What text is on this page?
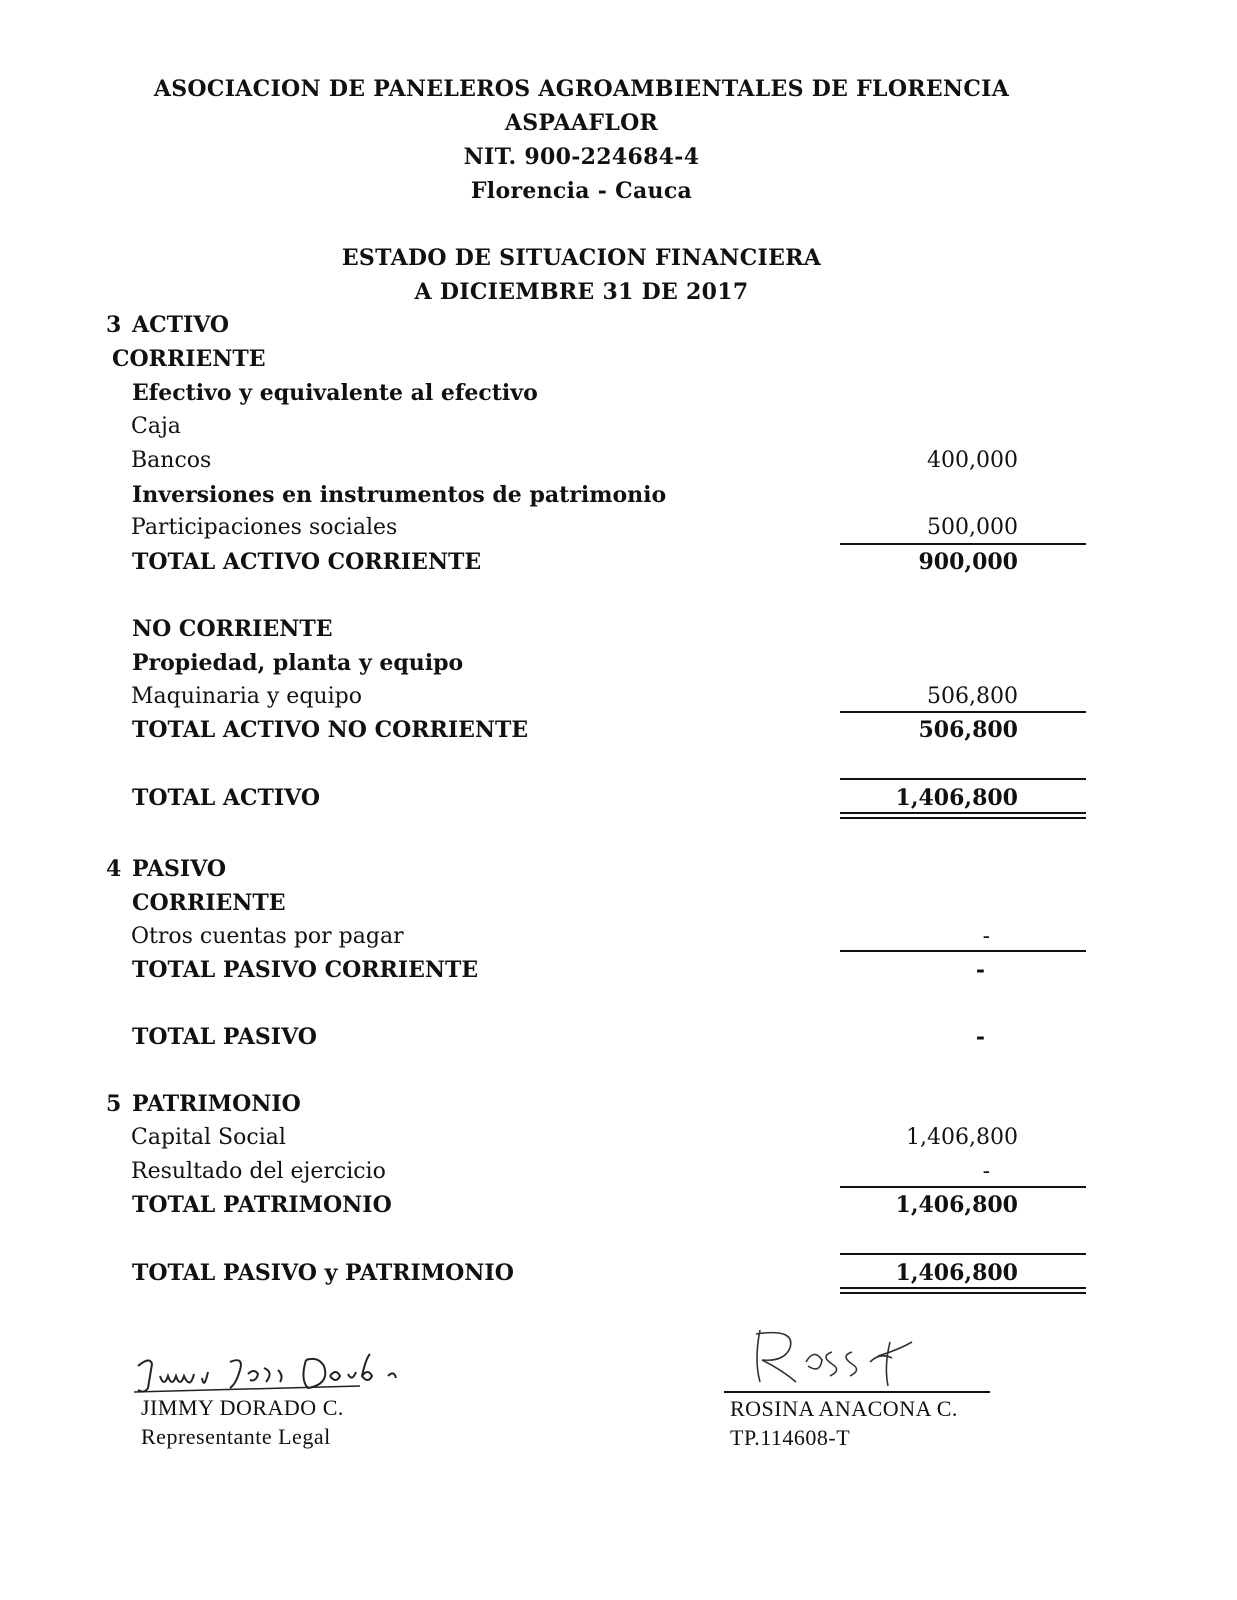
ASOCIACION DE PANELEROS AGROAMBIENTALES DE FLORENCIA
ASPAAFLOR
NIT. 900-224684-4
Florencia - Cauca
ESTADO DE SITUACION FINANCIERA
A DICIEMBRE 31 DE 2017
3 ACTIVO
CORRIENTE
Efectivo y equivalente al efectivo
Caja
Bancos	400,000
Inversiones en instrumentos de patrimonio
Participaciones sociales	500,000
TOTAL ACTIVO CORRIENTE	900,000
NO CORRIENTE
Propiedad, planta y equipo
Maquinaria y equipo	506,800
TOTAL ACTIVO NO CORRIENTE	506,800
TOTAL ACTIVO	1,406,800
4 PASIVO
CORRIENTE
Otros cuentas por pagar	-
TOTAL PASIVO CORRIENTE	-
TOTAL PASIVO	-
5 PATRIMONIO
Capital Social	1,406,800
Resultado del ejercicio	-
TOTAL PATRIMONIO	1,406,800
TOTAL PASIVO y PATRIMONIO	1,406,800
JIMMY DORADO C.
Representante Legal
ROSINA ANACONA C.
TP.114608-T
